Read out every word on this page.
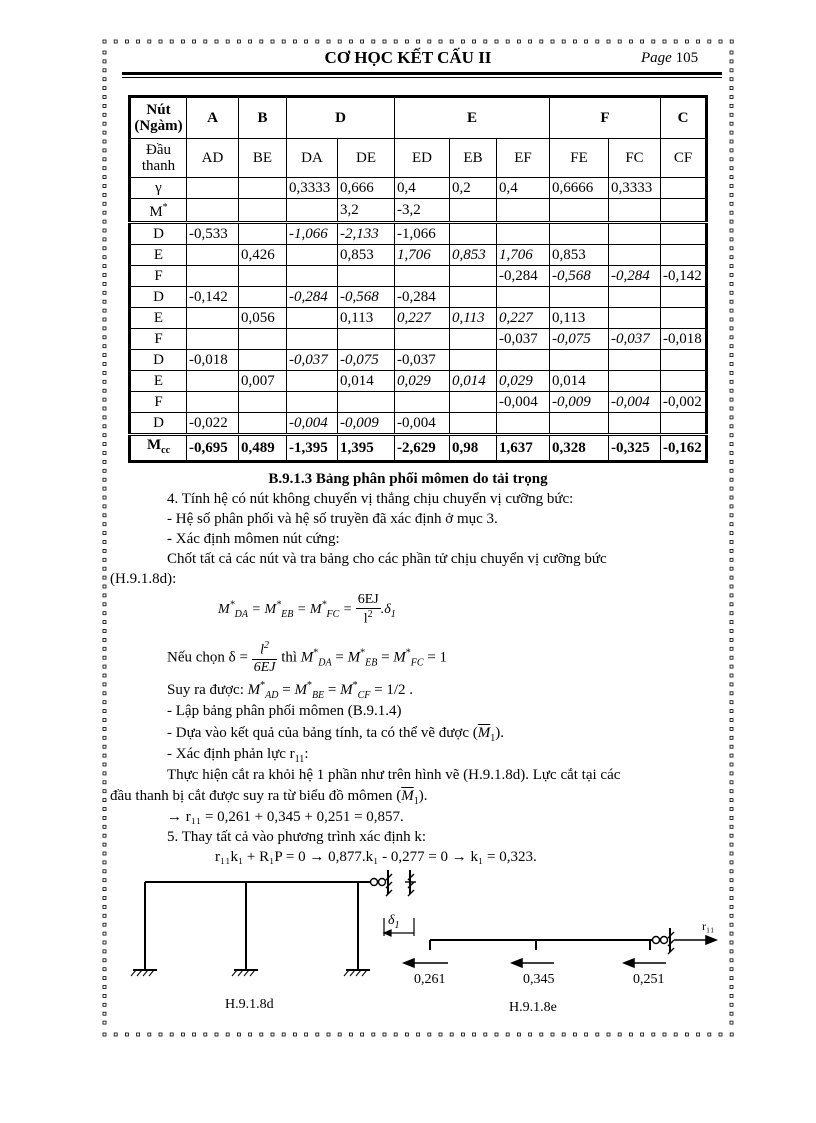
CƠ HỌC KẾT CẤU II	Page 105
Nút
(Ngàm)	A	B	D		E			F		C
Đầu
thanh	AD	BE	DA	DE	ED	EB	EF	FE	FC	CF
γ			0,3333	0,666	0,4	0,2	0,4	0,6666	0,3333	
M*				3,2	-3,2					
D	-0,533		-1,066	-2,133	-1,066					
E		0,426		0,853	1,706	0,853	1,706	0,853		
F							-0,284	-0,568	-0,284	-0,142
D	-0,142		-0,284	-0,568	-0,284					
E		0,056		0,113	0,227	0,113	0,227	0,113		
F							-0,037	-0,075	-0,037	-0,018
D	-0,018		-0,037	-0,075	-0,037					
E		0,007		0,014	0,029	0,014	0,029	0,014		
F							-0,004	-0,009	-0,004	-0,002
D	-0,022		-0,004	-0,009	-0,004					
$M_{cc}$	-0,695	0,489	-1,395	1,395	-2,629	0,98	1,637	0,328	-0,325	-0,162
B.9.1.3 Bảng phân phối mômen do tải trọng
4. Tính hệ có nút không chuyển vị thẳng chịu chuyển vị cưỡng bức:
- Hệ số phân phối và hệ số truyền đã xác định ở mục 3.
- Xác định mômen nút cứng:
Chốt tất cả các nút và tra bảng cho các phần tử chịu chuyển vị cưỡng bức
(H.9.1.8d):
$M^*_{DA} = M^*_{EB} = M^*_{FC} = \frac{6EJ}{l^2} .\delta_1$
Nếu chọn $\delta = \frac{l^2}{6EJ}$ thì $M^*_{DA} = M^*_{EB} = M^*_{FC} = 1$
Suy ra được: $M^*_{AD} = M^*_{BE} = M^*_{CF} = 1/2$ .
- Lập bảng phân phối mômen (B.9.1.4)
- Dựa vào kết quả của bảng tính, ta có thể vẽ được $(\overline{M}_1)$.
- Xác định phản lực $r_{11}$:
Thực hiện cắt ra khỏi hệ 1 phần như trên hình vẽ (H.9.1.8d). Lực cắt tại các
đầu thanh bị cắt được suy ra từ biểu đồ mômen $(\overline{M}_1)$.
→ r₁₁ = 0,261 + 0,345 + 0,251 = 0,857.
5. Thay tất cả vào phương trình xác định k:
r₁₁k₁ + R₁P = 0 → 0,877.k₁ - 0,277 = 0 → k₁ = 0,323.
$\delta_1$	r₁₁
0,261	0,345	0,251
H.9.1.8d	H.9.1.8e
